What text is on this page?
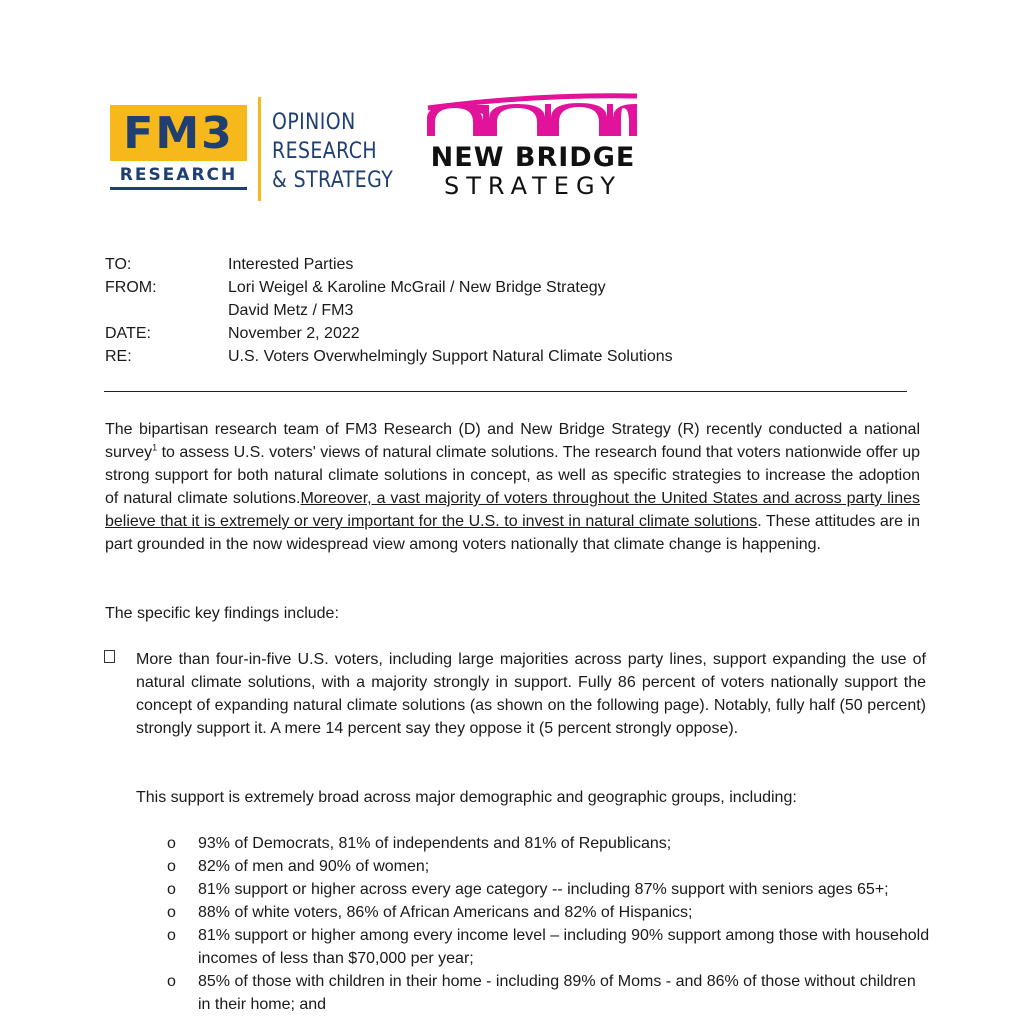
FM3
RESEARCH
OPINION
RESEARCH
& STRATEGY
NEW BRIDGE
STRATEGY
TO:	Interested Parties
FROM:	Lori Weigel & Karoline McGrail / New Bridge Strategy
David Metz / FM3
DATE:	November 2, 2022
RE:	U.S. Voters Overwhelmingly Support Natural Climate Solutions
The bipartisan research team of FM3 Research (D) and New Bridge Strategy (R) recently conducted a national survey$^1$ to assess U.S. voters' views of natural climate solutions. The research found that voters nationwide offer up strong support for both natural climate solutions in concept, as well as specific strategies to increase the adoption of natural climate solutions.Moreover, a vast majority of voters throughout the United States and across party lines believe that it is extremely or very important for the U.S. to invest in natural climate solutions. These attitudes are in part grounded in the now widespread view among voters nationally that climate change is happening.
The specific key findings include:
More than four-in-five U.S. voters, including large majorities across party lines, support expanding the use of natural climate solutions, with a majority strongly in support. Fully 86 percent of voters nationally support the concept of expanding natural climate solutions (as shown on the following page). Notably, fully half (50 percent) strongly support it. A mere 14 percent say they oppose it (5 percent strongly oppose).
This support is extremely broad across major demographic and geographic groups, including:
o 93% of Democrats, 81% of independents and 81% of Republicans;
o 82% of men and 90% of women;
o 81% support or higher across every age category -- including 87% support with seniors ages 65+;
o 88% of white voters, 86% of African Americans and 82% of Hispanics;
o 81% support or higher among every income level – including 90% support among those with household incomes of less than $70,000 per year;
o 85% of those with children in their home - including 89% of Moms - and 86% of those without children in their home; and
